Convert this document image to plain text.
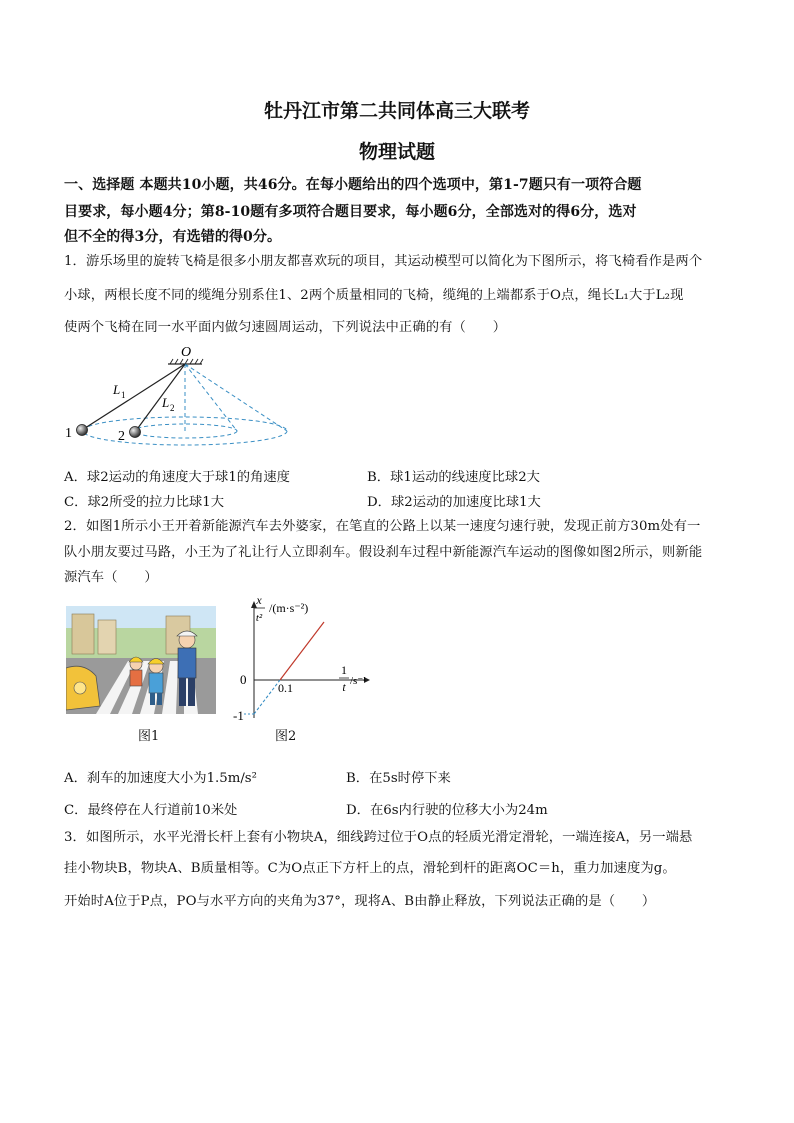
牡丹江市第二共同体高三大联考
物理试题
一、选择题 本题共10小题，共46分。在每小题给出的四个选项中，第1-7题只有一项符合题
目要求，每小题4分；第8-10题有多项符合题目要求，每小题6分，全部选对的得6分，选对
但不全的得3分，有选错的得0分。
1．游乐场里的旋转飞椅是很多小朋友都喜欢玩的项目，其运动模型可以简化为下图所示，将飞椅看作是两个
小球，两根长度不同的缆绳分别系住1、2两个质量相同的飞椅，缆绳的上端都系于O点，绳长L₁大于L₂现
使两个飞椅在同一水平面内做匀速圆周运动，下列说法中正确的有（　　）
O
1	2
L 1	L 2
A．球2运动的角速度大于球1的角速度	B．球1运动的线速度比球2大
C．球2所受的拉力比球1大	D．球2运动的加速度比球1大
2．如图1所示小王开着新能源汽车去外婆家，在笔直的公路上以某一速度匀速行驶，发现正前方30m处有一
队小朋友要过马路，小王为了礼让行人立即刹车。假设刹车过程中新能源汽车运动的图像如图2所示，则新能
源汽车（　　）
图1
x
t²
/(m·s⁻²)
1
t /s⁻¹
0
0.1
-1
图2
A．刹车的加速度大小为1.5m/s²	B．在5s时停下来
C．最终停在人行道前10米处	D．在6s内行驶的位移大小为24m
3．如图所示，水平光滑长杆上套有小物块A，细线跨过位于O点的轻质光滑定滑轮，一端连接A，另一端悬
挂小物块B，物块A、B质量相等。C为O点正下方杆上的点，滑轮到杆的距离OC＝h，重力加速度为g。
开始时A位于P点，PO与水平方向的夹角为37°，现将A、B由静止释放，下列说法正确的是（　　）
